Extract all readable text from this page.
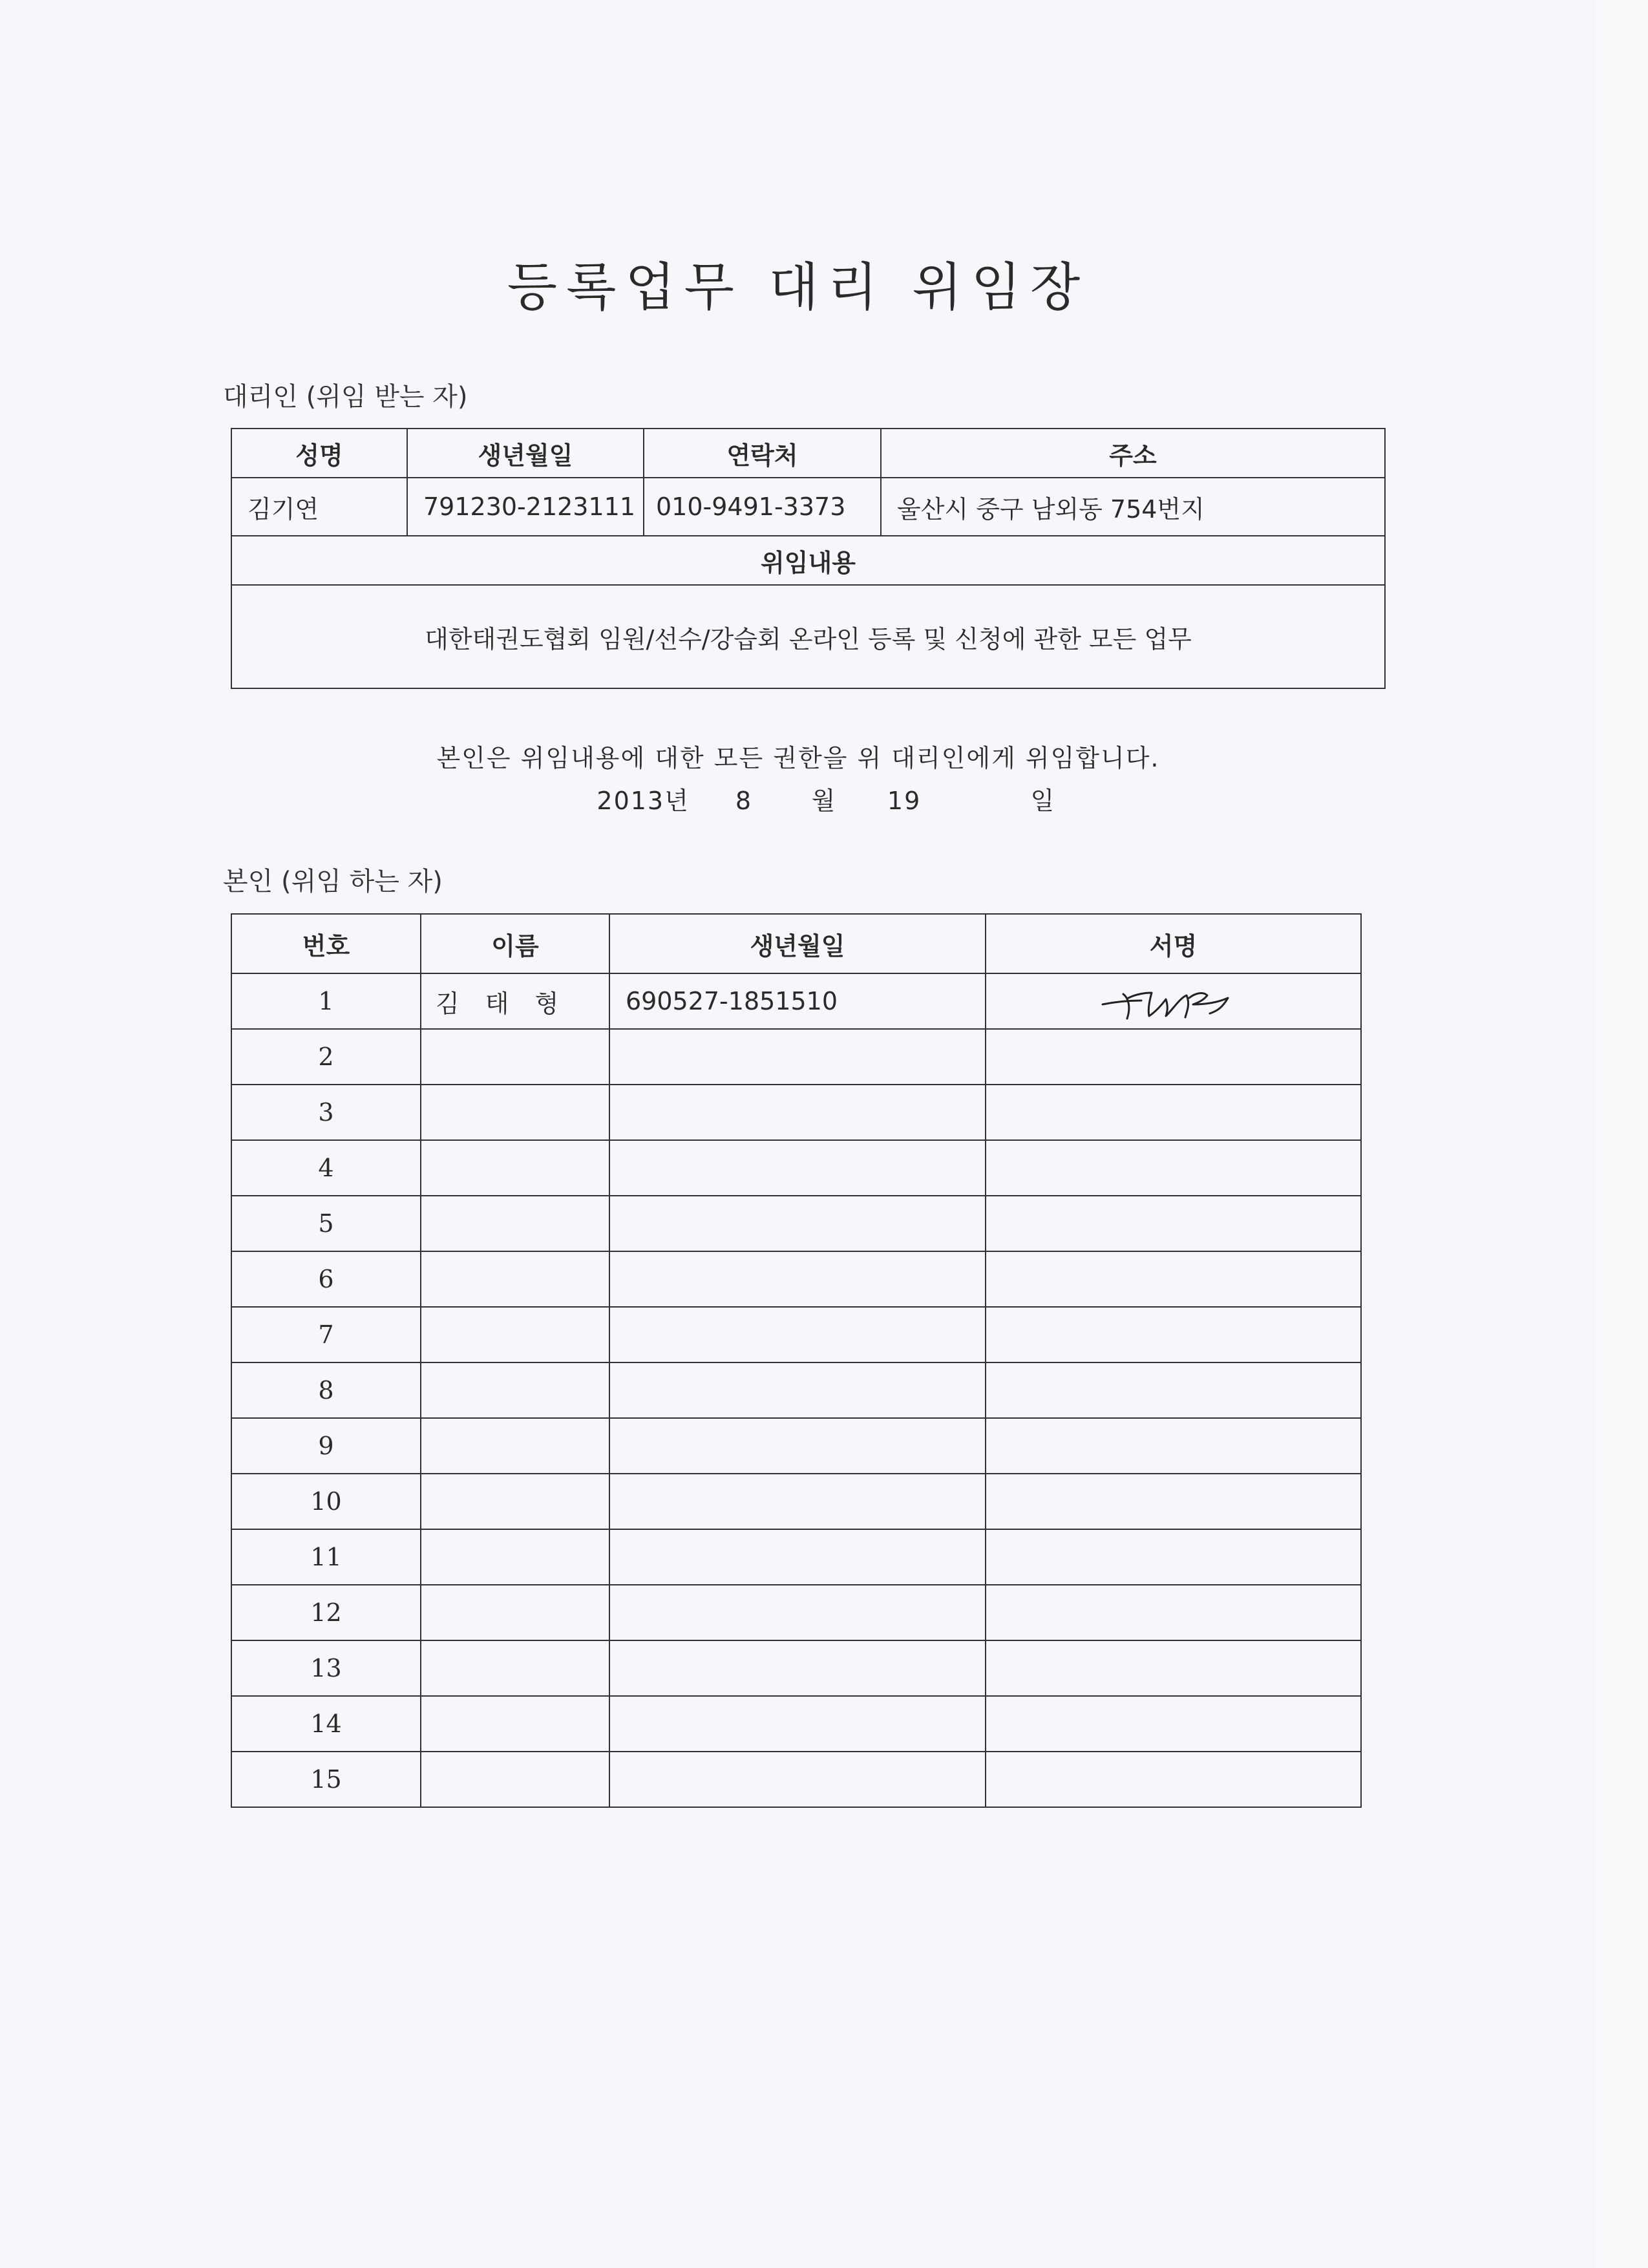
등록업무 대리 위임장
대리인 (위임 받는 자)
성명	생년월일	연락처	주소
김기연	791230-2123111	010-9491-3373	울산시 중구 남외동 754번지
위임내용			
대한태권도협회 임원/선수/강습회 온라인 등록 및 신청에 관한 모든 업무			
본인은 위임내용에 대한 모든 권한을 위 대리인에게 위임합니다.
2013년 8 월 19	일
본인 (위임 하는 자)
번호	이름	생년월일	서명
1	김 태 형	690527-1851510	

2			
3			
4			
5			
6			
7			
8			
9			
10			
11			
12			
13			
14			
15			
